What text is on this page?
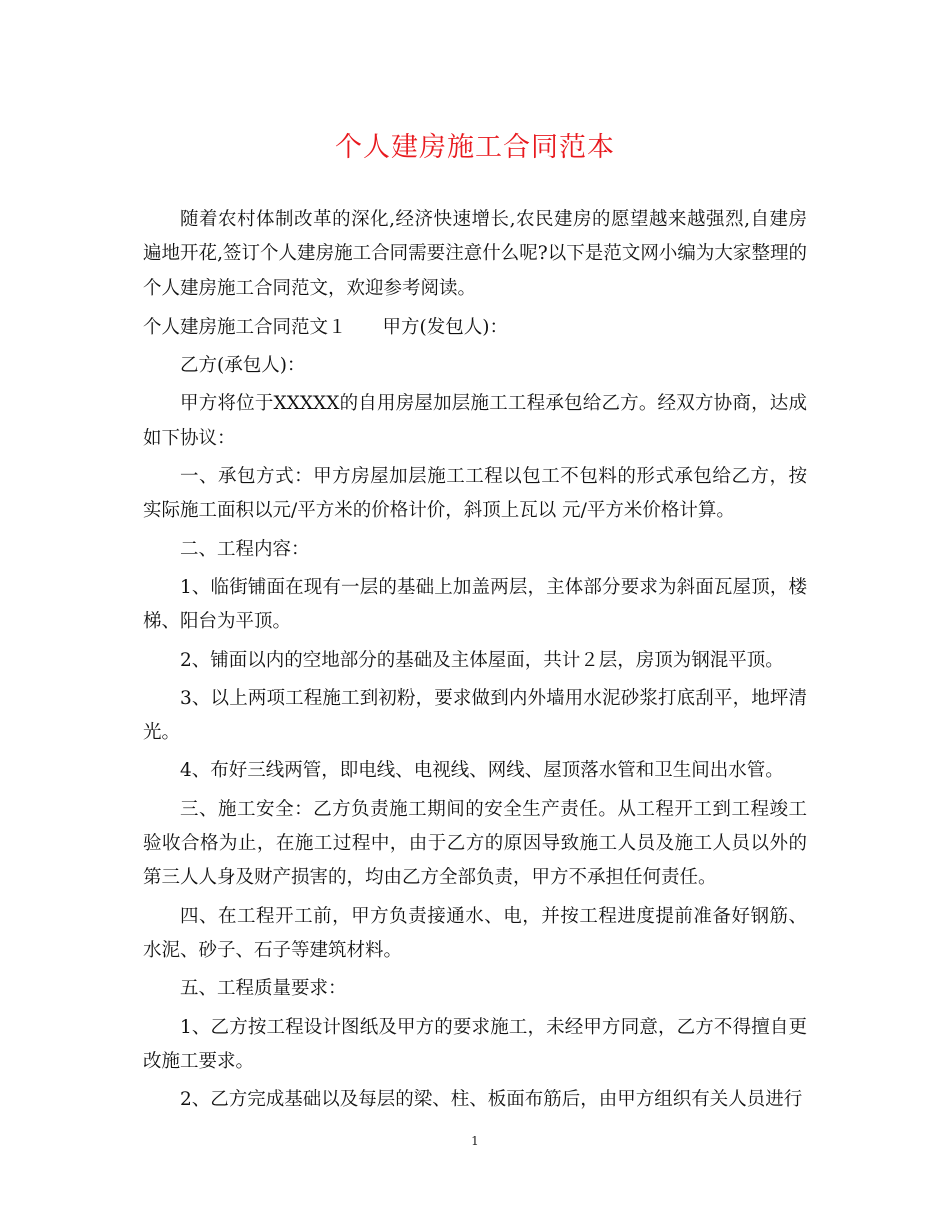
个人建房施工合同范本

随着农村体制改革的深化,经济快速增长,农民建房的愿望越来越强烈,自建房遍地开花,签订个人建房施工合同需要注意什么呢?以下是范文网小编为大家整理的个人建房施工合同范文，欢迎参考阅读。

个人建房施工合同范文１ 甲方(发包人)：

乙方(承包人)：

甲方将位于XXXXX的自用房屋加层施工工程承包给乙方。经双方协商，达成如下协议：

一、承包方式：甲方房屋加层施工工程以包工不包料的形式承包给乙方，按实际施工面积以元/平方米的价格计价，斜顶上瓦以 元/平方米价格计算。

二、工程内容：

1、临街铺面在现有一层的基础上加盖两层，主体部分要求为斜面瓦屋顶，楼梯、阳台为平顶。

2、铺面以内的空地部分的基础及主体屋面，共计２层，房顶为钢混平顶。

3、以上两项工程施工到初粉，要求做到内外墙用水泥砂浆打底刮平，地坪清光。

4、布好三线两管，即电线、电视线、网线、屋顶落水管和卫生间出水管。

三、施工安全：乙方负责施工期间的安全生产责任。从工程开工到工程竣工验收合格为止，在施工过程中，由于乙方的原因导致施工人员及施工人员以外的第三人人身及财产损害的，均由乙方全部负责，甲方不承担任何责任。

四、在工程开工前，甲方负责接通水、电，并按工程进度提前准备好钢筋、水泥、砂子、石子等建筑材料。

五、工程质量要求：

1、乙方按工程设计图纸及甲方的要求施工，未经甲方同意，乙方不得擅自更改施工要求。

2、乙方完成基础以及每层的梁、柱、板面布筋后，由甲方组织有关人员进行

1
